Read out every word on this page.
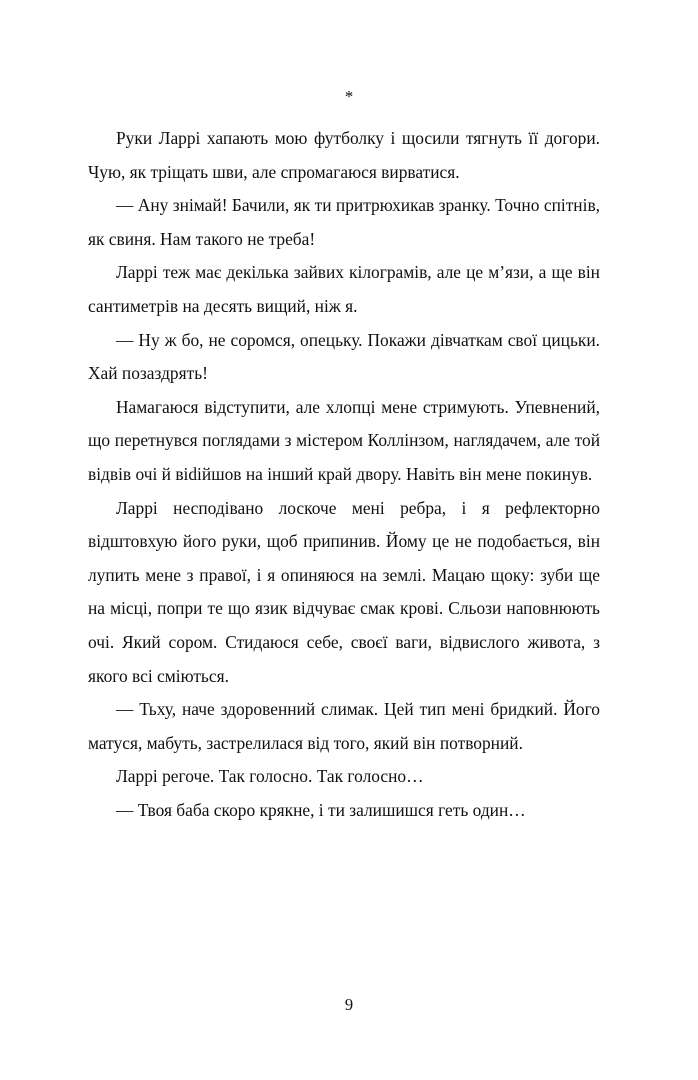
*

Руки Ларрі хапають мою футболку і щосили тягнуть її догори. Чую, як тріщать шви, але спромагаюся вирватися.

— Ану знімай! Бачили, як ти притрюхикав зранку. Точно спітнів, як свиня. Нам такого не треба!

Ларрі теж має декілька зайвих кілограмів, але це м’язи, а ще він сантиметрів на десять вищий, ніж я.

— Ну ж бо, не соромся, опецьку. Покажи дівчаткам свої цицьки. Хай позаздрять!

Намагаюся відступити, але хлопці мене стримують. Упевнений, що перетнувся поглядами з містером Коллінзом, наглядачем, але той відвів очі й віdійшов на інший край двору. Навіть він мене покинув.

Ларрі несподівано лоскоче мені ребра, і я рефлекторно відштовхую його руки, щоб припинив. Йому це не подобається, він лупить мене з правої, і я опиняюся на землі. Мацаю щоку: зуби ще на місці, попри те що язик відчуває смак крові. Сльози наповнюють очі. Який сором. Стидаюся себе, своєї ваги, відвислого живота, з якого всі сміються.

— Тьху, наче здоровенний слимак. Цей тип мені бридкий. Його матуся, мабуть, застрелилася від того, який він потворний.

Ларрі регоче. Так голосно. Так голосно…

— Твоя баба скоро крякне, і ти залишишся геть один…

9
